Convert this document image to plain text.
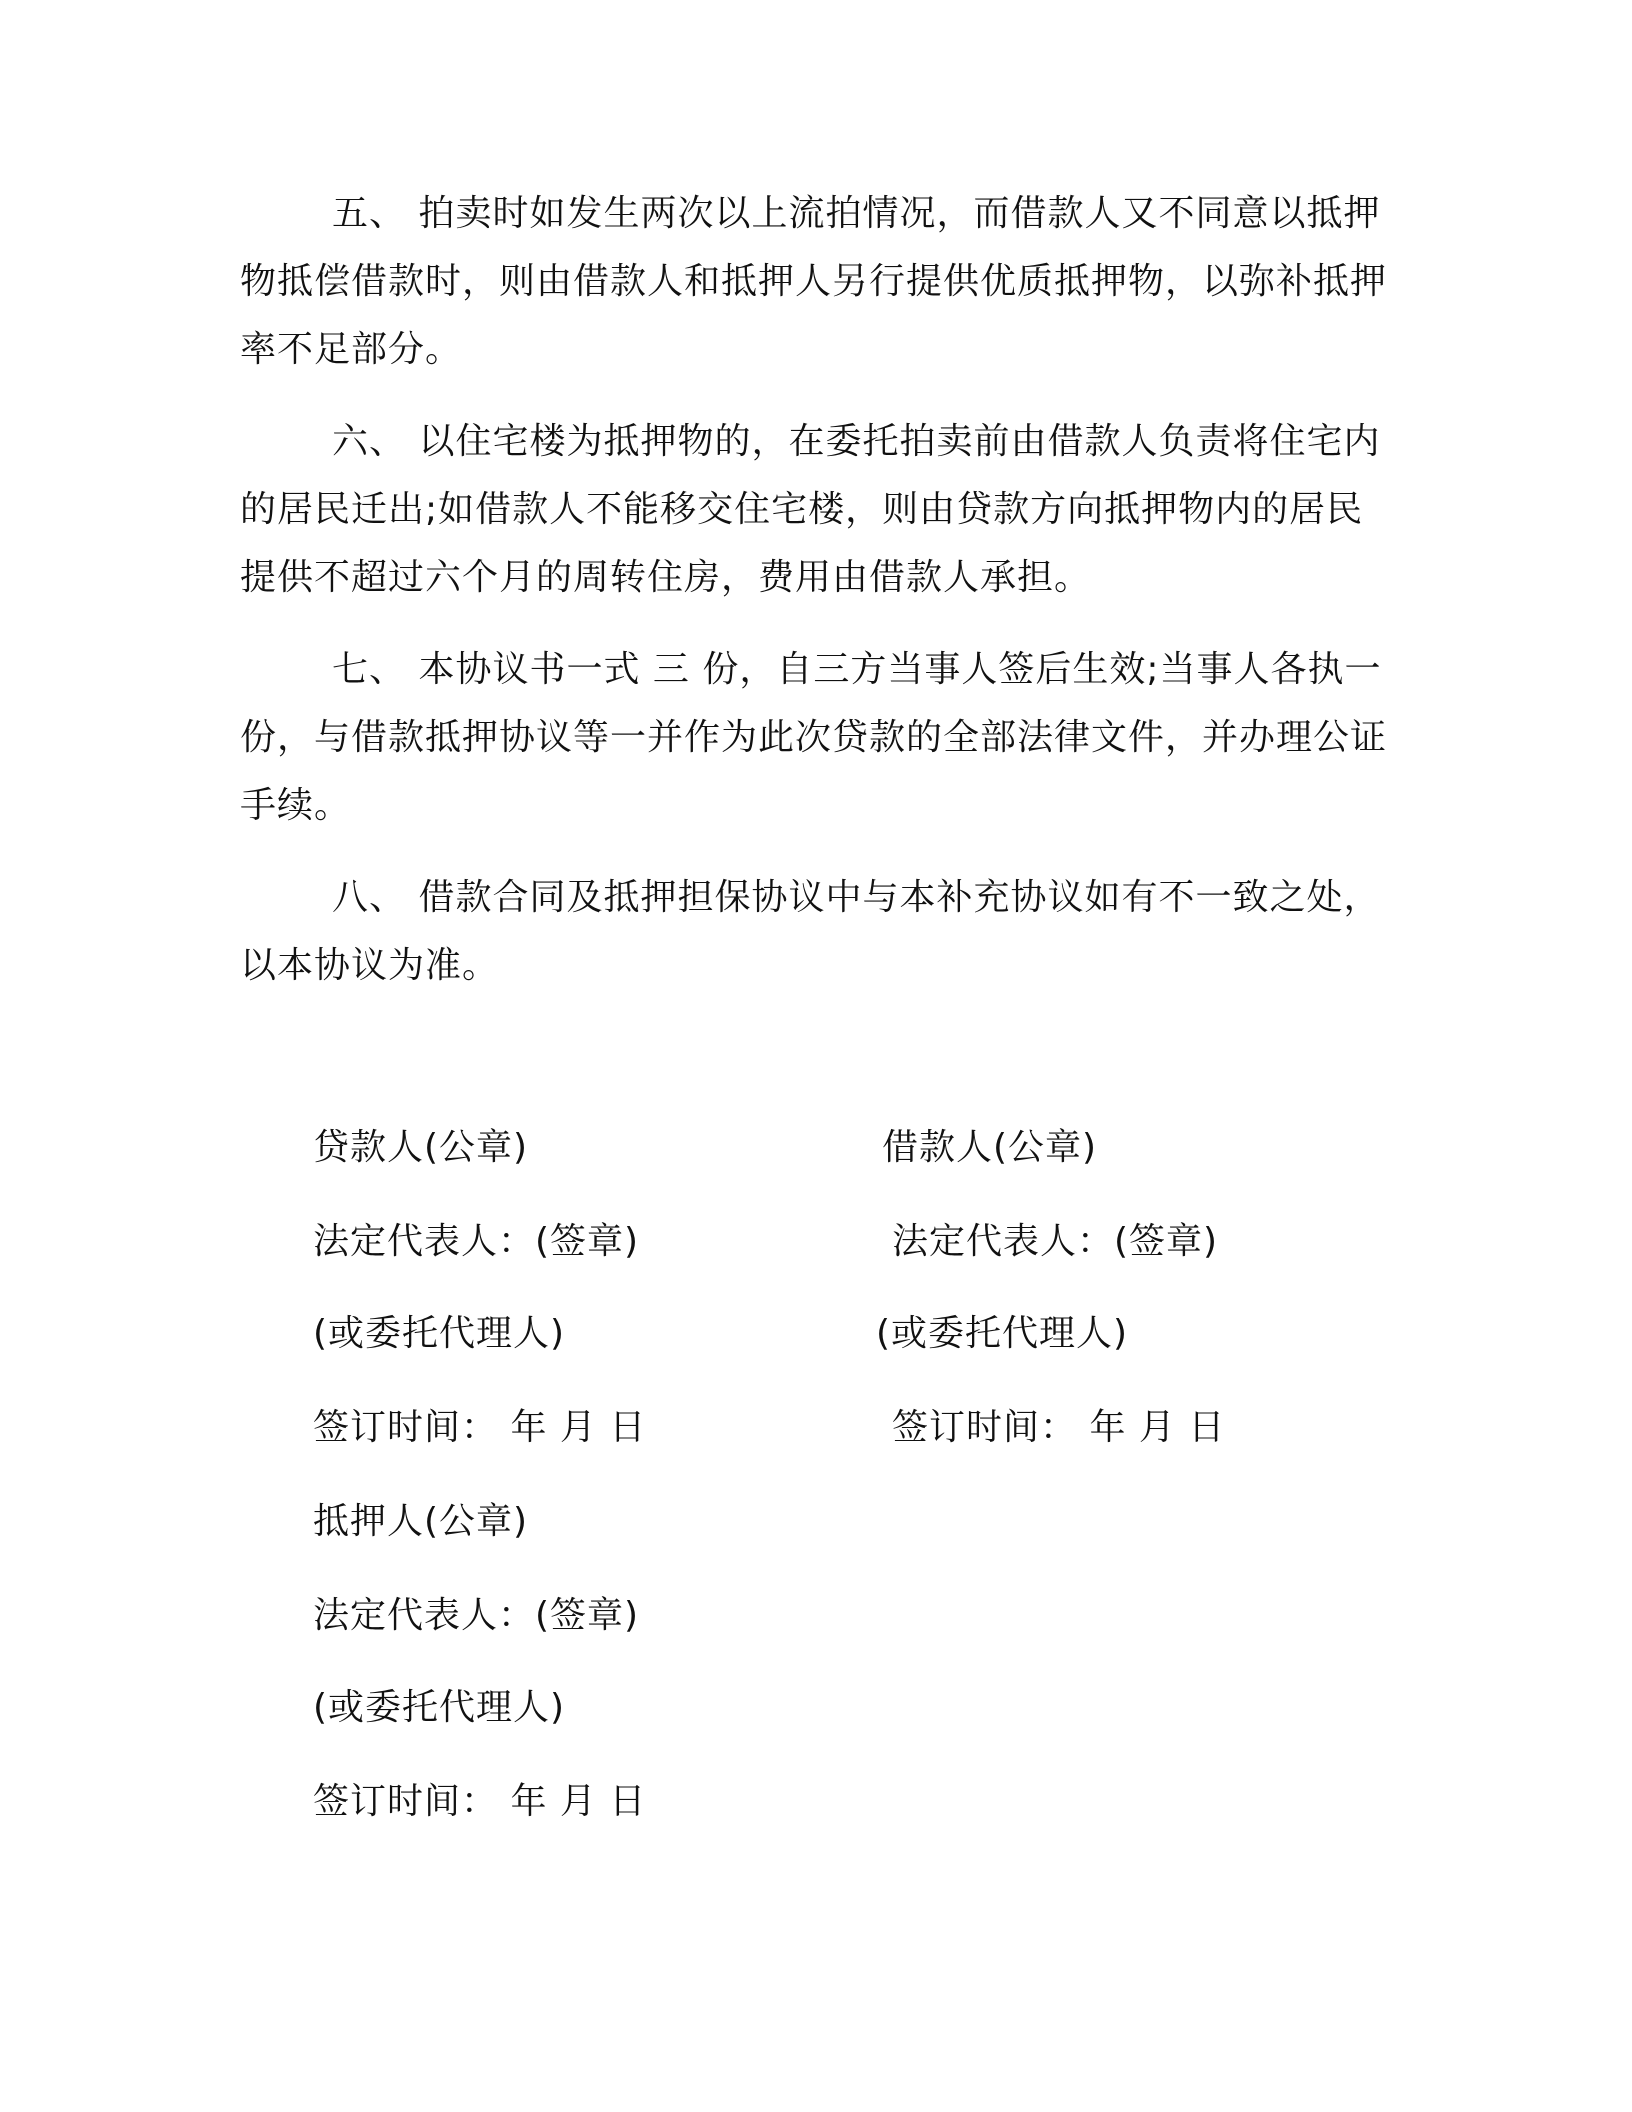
五、 拍卖时如发生两次以上流拍情况，而借款人又不同意以抵押物抵偿借款时，则由借款人和抵押人另行提供优质抵押物，以弥补抵押率不足部分。

六、 以住宅楼为抵押物的，在委托拍卖前由借款人负责将住宅内的居民迁出;如借款人不能移交住宅楼，则由贷款方向抵押物内的居民提供不超过六个月的周转住房，费用由借款人承担。

七、 本协议书一式 三 份，自三方当事人签后生效;当事人各执一份，与借款抵押协议等一并作为此次贷款的全部法律文件，并办理公证手续。

八、 借款合同及抵押担保协议中与本补充协议如有不一致之处，以本协议为准。

贷款人(公章)
法定代表人：(签章)
(或委托代理人)
签订时间： 年 月 日
借款人(公章)
法定代表人：(签章)
(或委托代理人)
签订时间： 年 月 日
抵押人(公章)
法定代表人：(签章)
(或委托代理人)
签订时间： 年 月 日
